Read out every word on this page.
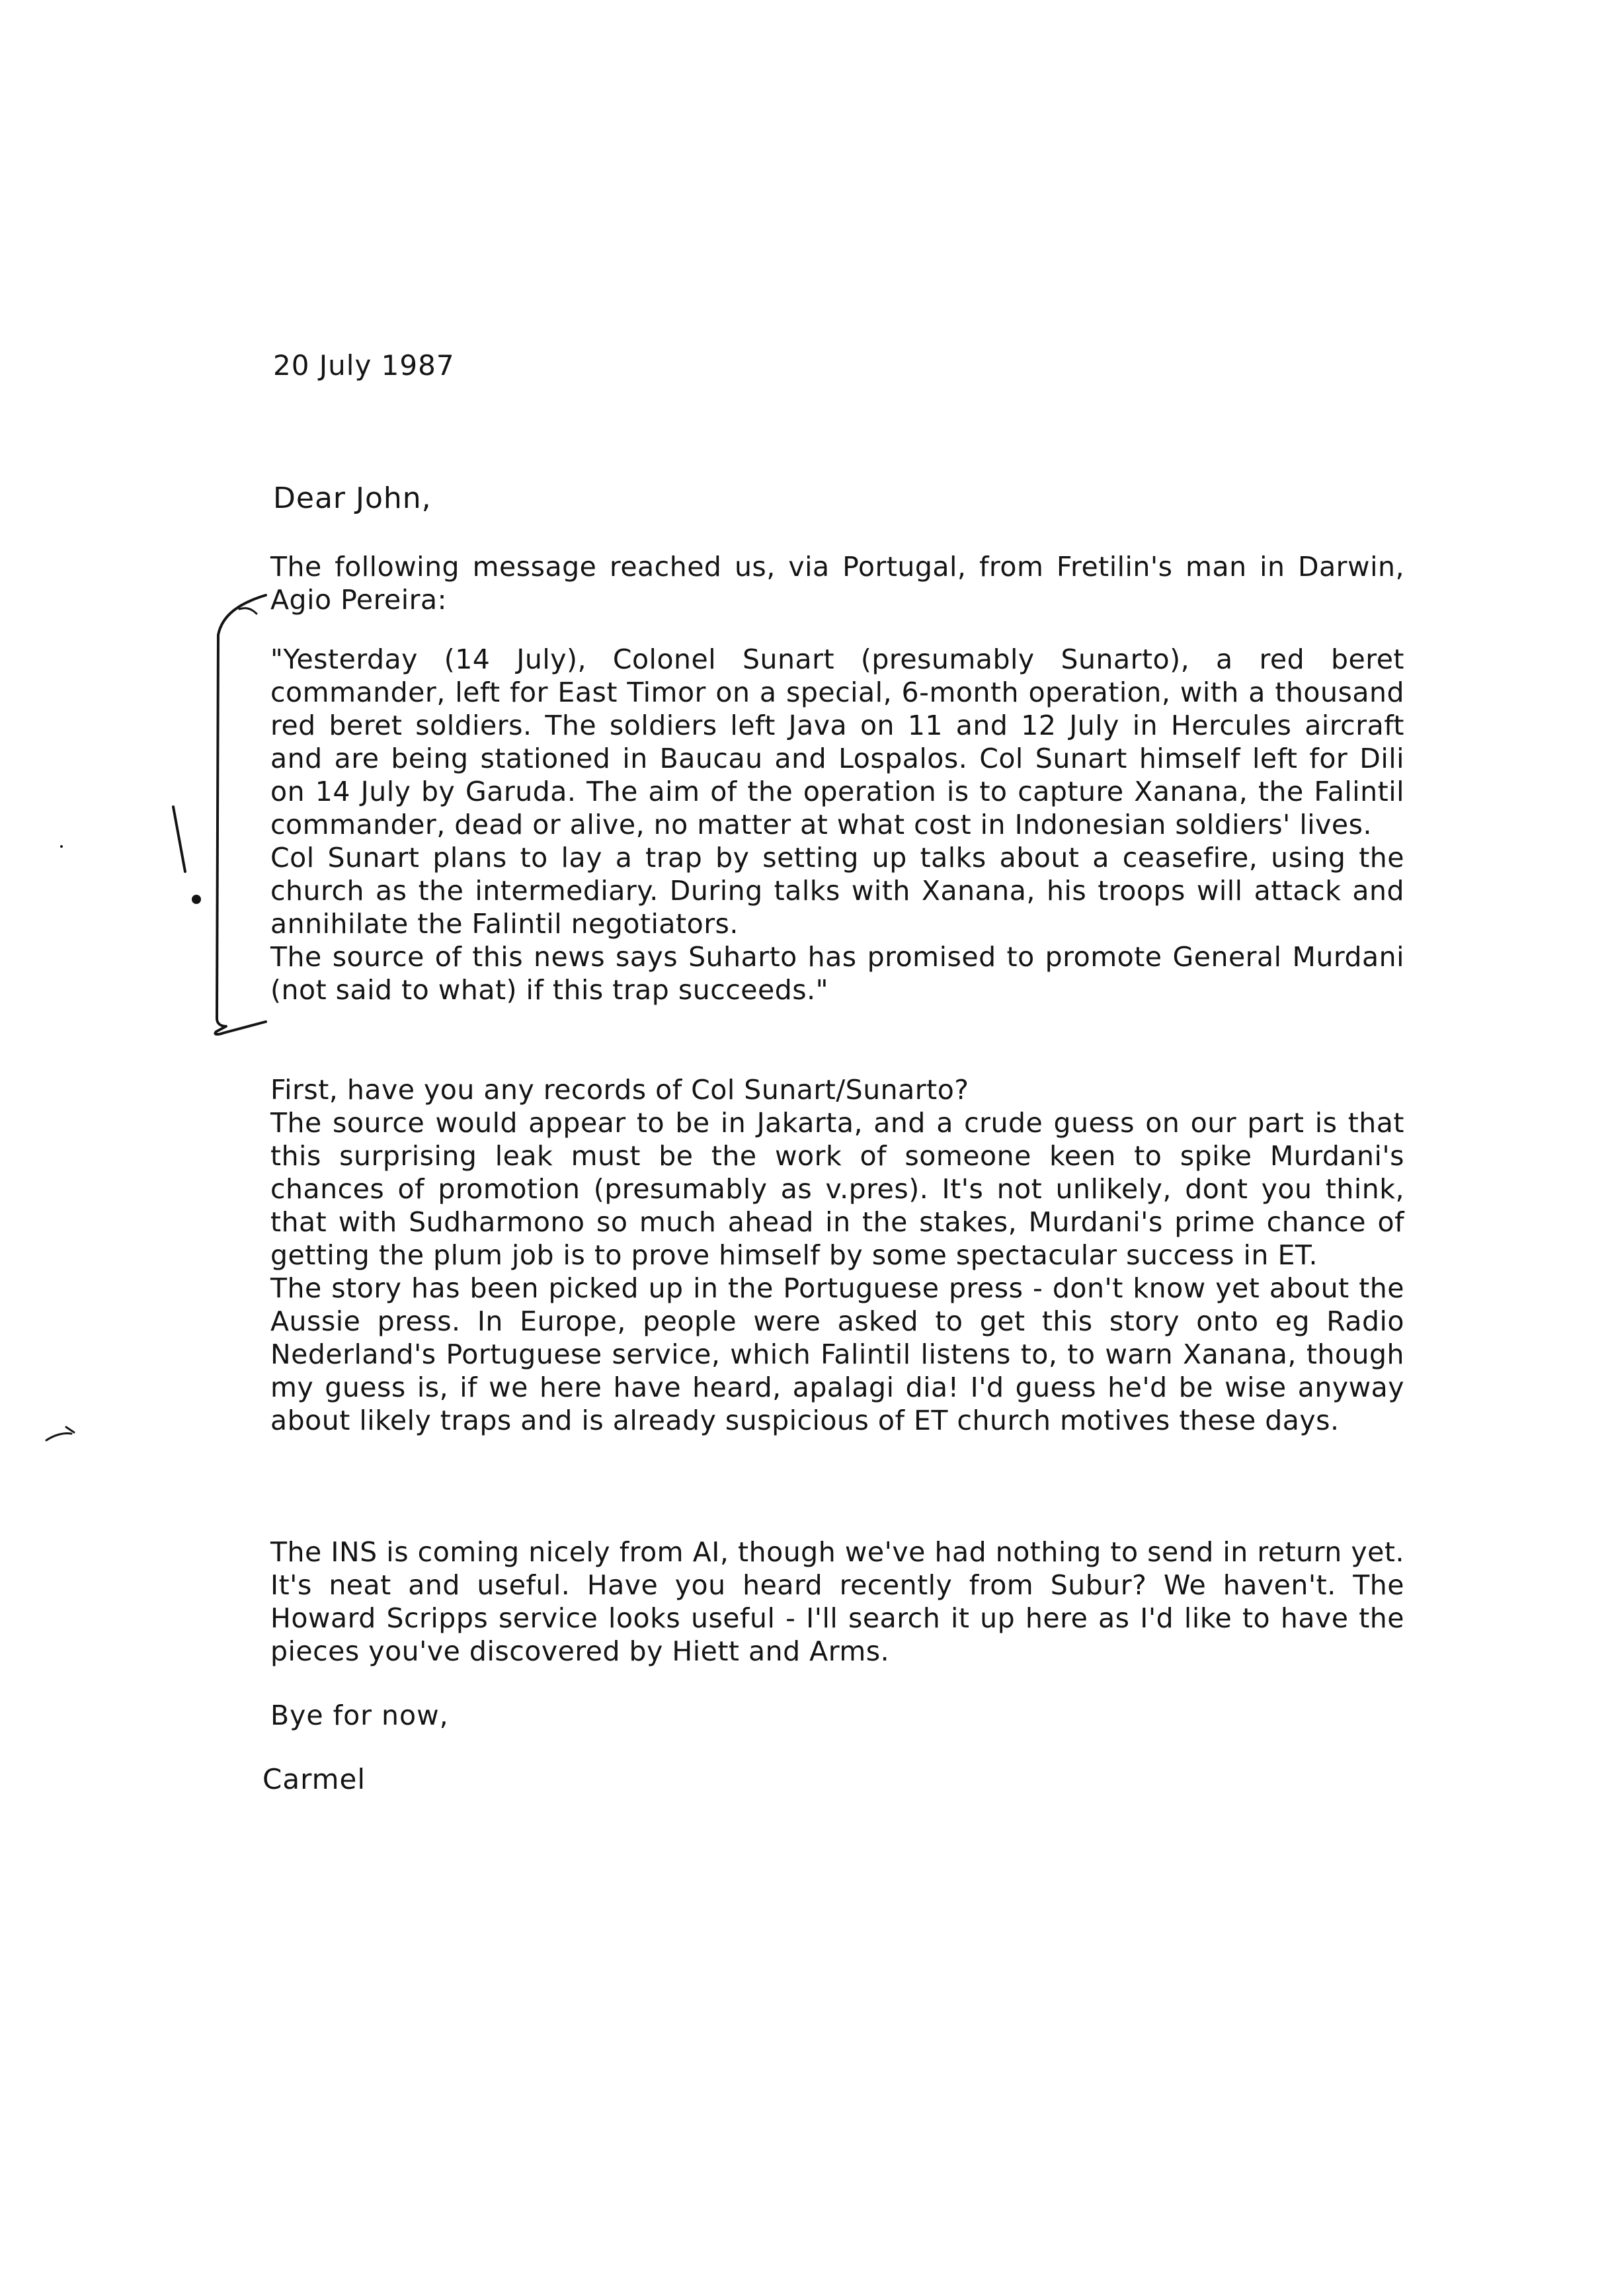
20 July 1987
Dear John,

The following message reached us, via Portugal, from Fretilin's man in Darwin, Agio Pereira:

"Yesterday (14 July), Colonel Sunart (presumably Sunarto), a red beret commander, left for East Timor on a special, 6-month operation, with a thousand red beret soldiers. The soldiers left Java on 11 and 12 July in Hercules aircraft and are being stationed in Baucau and Lospalos. Col Sunart himself left for Dili on 14 July by Garuda. The aim of the operation is to capture Xanana, the Falintil commander, dead or alive, no matter at what cost in Indonesian soldiers' lives.

Col Sunart plans to lay a trap by setting up talks about a ceasefire, using the church as the intermediary. During talks with Xanana, his troops will attack and annihilate the Falintil negotiators.

The source of this news says Suharto has promised to promote General Murdani (not said to what) if this trap succeeds."

First, have you any records of Col Sunart/Sunarto?

The source would appear to be in Jakarta, and a crude guess on our part is that this surprising leak must be the work of someone keen to spike Murdani's chances of promotion (presumably as v.pres). It's not unlikely, dont you think, that with Sudharmono so much ahead in the stakes, Murdani's prime chance of getting the plum job is to prove himself by some spectacular success in ET.

The story has been picked up in the Portuguese press - don't know yet about the Aussie press. In Europe, people were asked to get this story onto eg Radio Nederland's Portuguese service, which Falintil listens to, to warn Xanana, though my guess is, if we here have heard, apalagi dia! I'd guess he'd be wise anyway about likely traps and is already suspicious of ET church motives these days.

The INS is coming nicely from AI, though we've had nothing to send in return yet. It's neat and useful. Have you heard recently from Subur? We haven't. The Howard Scripps service looks useful - I'll search it up here as I'd like to have the pieces you've discovered by Hiett and Arms.

Bye for now,
Carmel
